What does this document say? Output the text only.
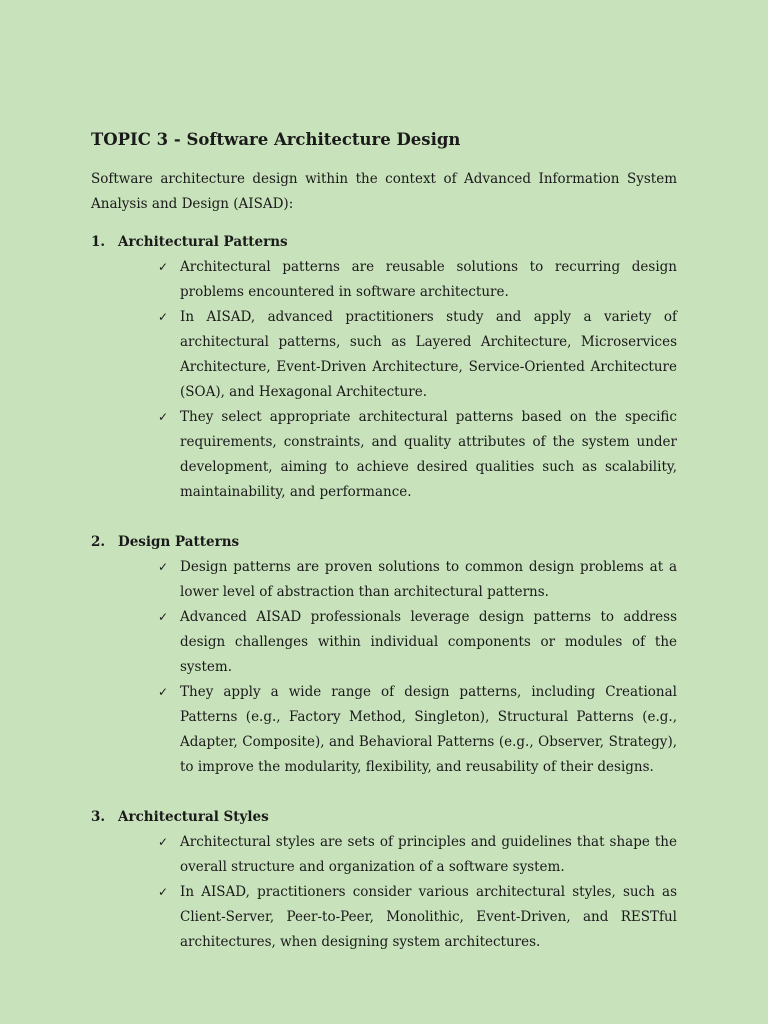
TOPIC 3 - Software Architecture Design
Software architecture design within the context of Advanced Information System Analysis and Design (AISAD):
1. Architectural Patterns
✓ Architectural patterns are reusable solutions to recurring design problems encountered in software architecture.
✓ In AISAD, advanced practitioners study and apply a variety of architectural patterns, such as Layered Architecture, Microservices Architecture, Event-Driven Architecture, Service-Oriented Architecture (SOA), and Hexagonal Architecture.
✓ They select appropriate architectural patterns based on the specific requirements, constraints, and quality attributes of the system under development, aiming to achieve desired qualities such as scalability, maintainability, and performance.
2. Design Patterns
✓ Design patterns are proven solutions to common design problems at a lower level of abstraction than architectural patterns.
✓ Advanced AISAD professionals leverage design patterns to address design challenges within individual components or modules of the system.
✓ They apply a wide range of design patterns, including Creational Patterns (e.g., Factory Method, Singleton), Structural Patterns (e.g., Adapter, Composite), and Behavioral Patterns (e.g., Observer, Strategy), to improve the modularity, flexibility, and reusability of their designs.
3. Architectural Styles
✓ Architectural styles are sets of principles and guidelines that shape the overall structure and organization of a software system.
✓ In AISAD, practitioners consider various architectural styles, such as Client-Server, Peer-to-Peer, Monolithic, Event-Driven, and RESTful architectures, when designing system architectures.
